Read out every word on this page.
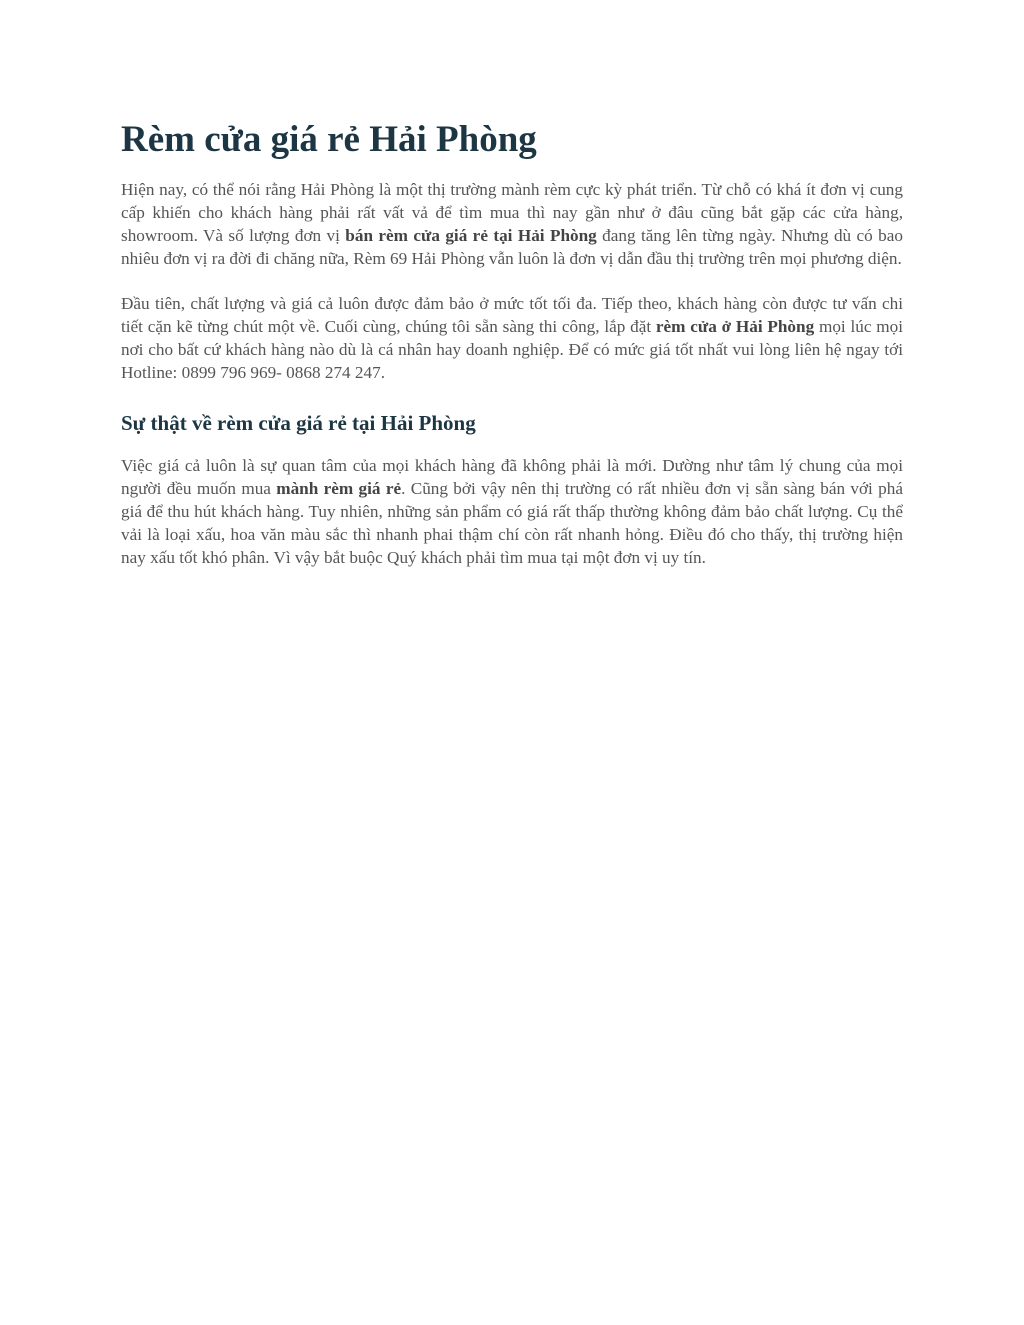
Rèm cửa giá rẻ Hải Phòng

Hiện nay, có thể nói rằng Hải Phòng là một thị trường mành rèm cực kỳ phát triển. Từ chỗ có khá ít đơn vị cung cấp khiến cho khách hàng phải rất vất vả để tìm mua thì nay gần như ở đâu cũng bắt gặp các cửa hàng, showroom. Và số lượng đơn vị bán rèm cửa giá rẻ tại Hải Phòng đang tăng lên từng ngày. Nhưng dù có bao nhiêu đơn vị ra đời đi chăng nữa, Rèm 69 Hải Phòng vẫn luôn là đơn vị dẫn đầu thị trường trên mọi phương diện.

Đầu tiên, chất lượng và giá cả luôn được đảm bảo ở mức tốt tối đa. Tiếp theo, khách hàng còn được tư vấn chi tiết cặn kẽ từng chút một về. Cuối cùng, chúng tôi sẵn sàng thi công, lắp đặt rèm cửa ở Hải Phòng mọi lúc mọi nơi cho bất cứ khách hàng nào dù là cá nhân hay doanh nghiệp. Để có mức giá tốt nhất vui lòng liên hệ ngay tới Hotline: 0899 796 969- 0868 274 247.

Sự thật về rèm cửa giá rẻ tại Hải Phòng

Việc giá cả luôn là sự quan tâm của mọi khách hàng đã không phải là mới. Dường như tâm lý chung của mọi người đều muốn mua mành rèm giá rẻ. Cũng bởi vậy nên thị trường có rất nhiều đơn vị sẵn sàng bán với phá giá để thu hút khách hàng. Tuy nhiên, những sản phẩm có giá rất thấp thường không đảm bảo chất lượng. Cụ thể vải là loại xấu, hoa văn màu sắc thì nhanh phai thậm chí còn rất nhanh hỏng. Điều đó cho thấy, thị trường hiện nay xấu tốt khó phân. Vì vậy bắt buộc Quý khách phải tìm mua tại một đơn vị uy tín.
